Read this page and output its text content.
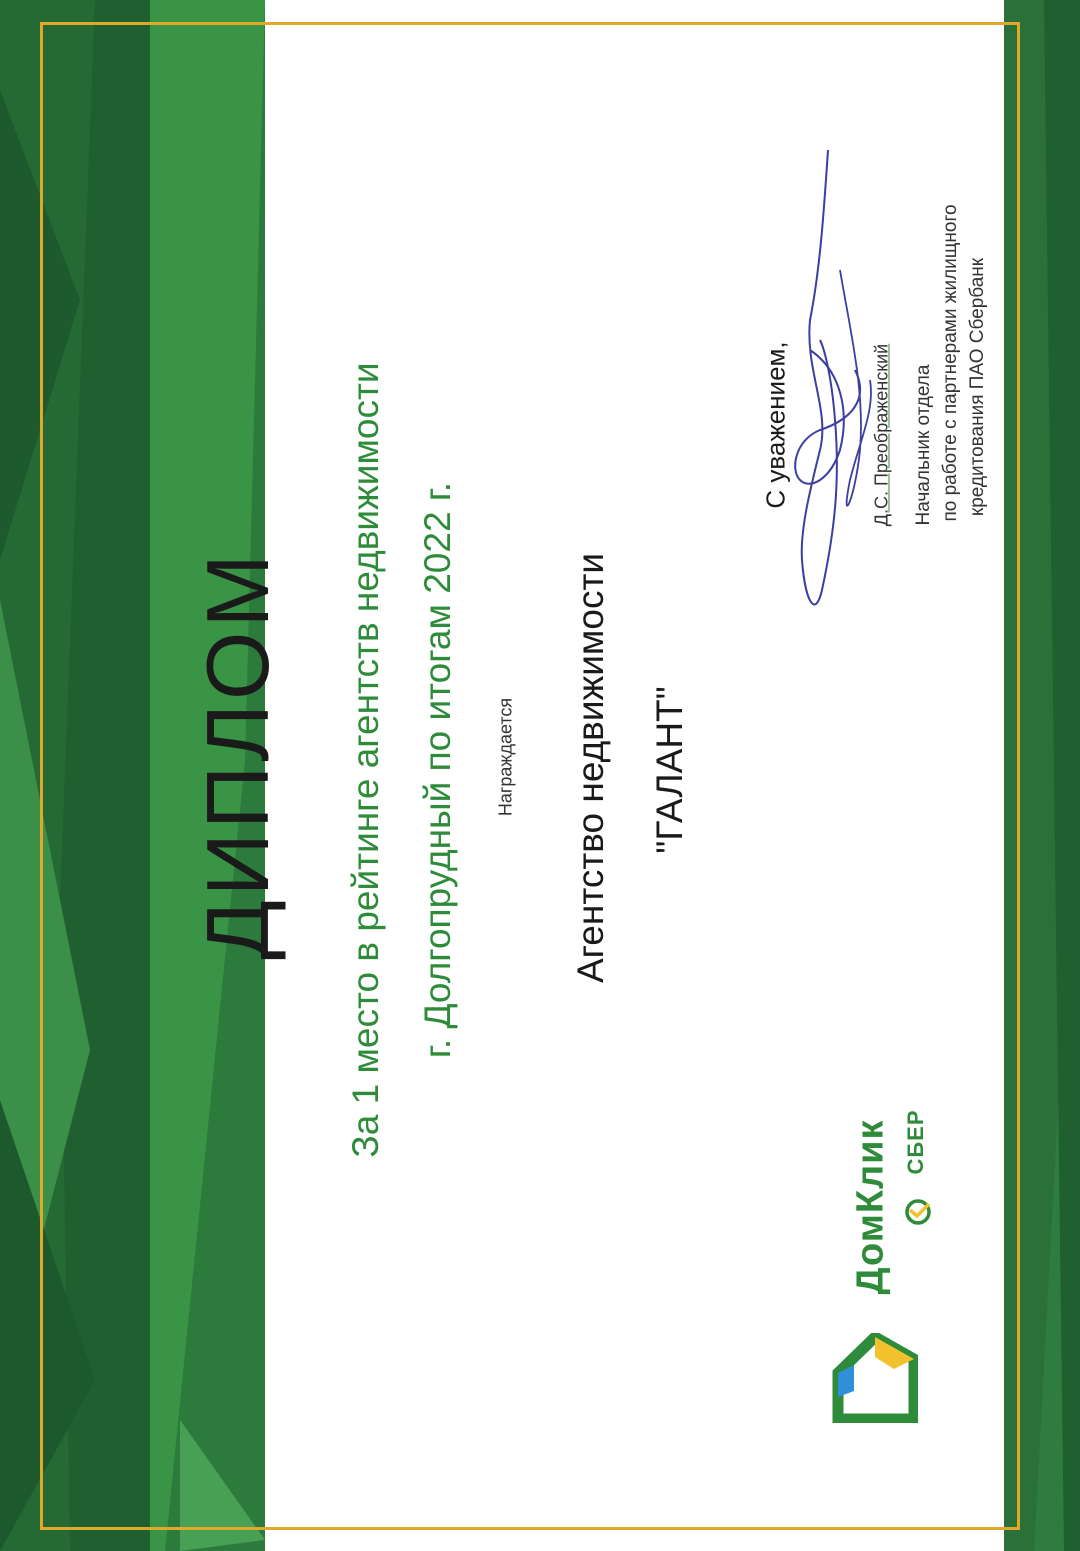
ДИПЛОМ За 1 место в рейтинге агентств недвижимости г. Долгопрудный по итогам 2022 г. Награждается Агентство недвижимости "ГАЛАНТ"
С уважением,	Д.С. Преображенский Начальник отдела по работе с партнерами жилищного кредитования ПАО Сбербанк
ДомКлик СБЕР
